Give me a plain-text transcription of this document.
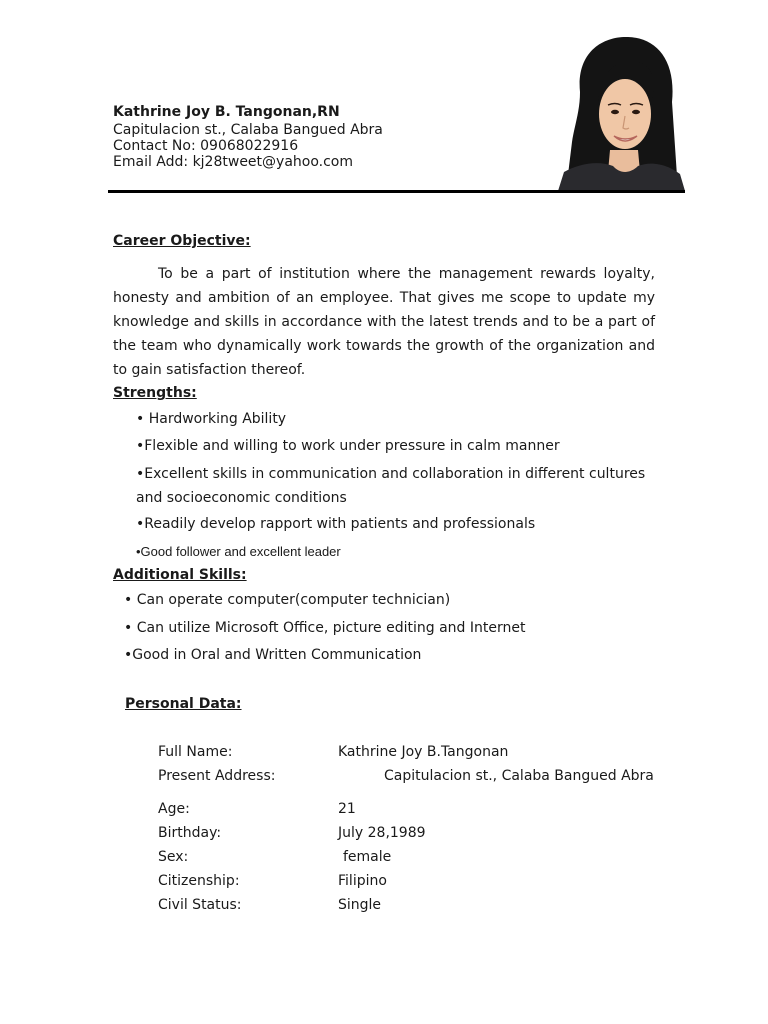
Kathrine Joy B. Tangonan,RN
Capitulacion st., Calaba Bangued Abra
Contact No: 09068022916
Email Add: kj28tweet@yahoo.com
Career Objective:
To be a part of institution where the management rewards loyalty, honesty and ambition of an employee. That gives me scope to update my knowledge and skills in accordance with the latest trends and to be a part of the team who dynamically work towards the growth of the organization and to gain satisfaction thereof.
Strengths:
• Hardworking Ability
•Flexible and willing to work under pressure in calm manner
•Excellent skills in communication and collaboration in different cultures
and socioeconomic conditions
•Readily develop rapport with patients and professionals
•Good follower and excellent leader
Additional Skills:
• Can operate computer(computer technician)
• Can utilize Microsoft Office, picture editing and Internet
•Good in Oral and Written Communication
Personal Data:
Full Name:	Kathrine Joy B.Tangonan
Present Address:	Capitulacion st., Calaba Bangued Abra
Age:	21
Birthday:	July 28,1989
Sex:	female
Citizenship:	Filipino
Civil Status:	Single
